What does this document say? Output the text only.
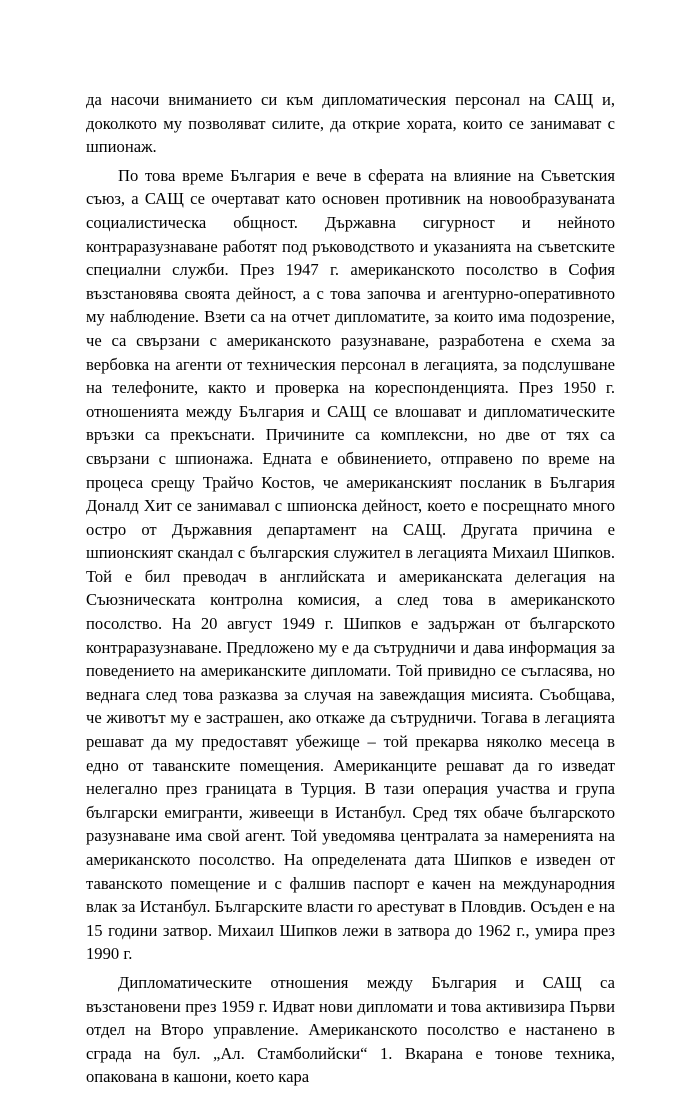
да насочи вниманието си към дипломатическия персонал на САЩ и, доколкото му позволяват силите, да открие хората, които се занимават с шпионаж.

По това време България е вече в сферата на влияние на Съветския съюз, а САЩ се очертават като основен противник на новообразуваната социалистическа общност. Държавна сигурност и нейното контраразузнаване работят под ръководството и указанията на съветските специални служби. През 1947 г. американското посолство в София възстановява своята дейност, а с това започва и агентурно-оперативното му наблюдение. Взети са на отчет дипломатите, за които има подозрение, че са свързани с американското разузнаване, разработена е схема за вербовка на агенти от техническия персонал в легацията, за подслушване на телефоните, както и проверка на кореспонденцията. През 1950 г. отношенията между България и САЩ се влошават и дипломатическите връзки са прекъснати. Причините са комплексни, но две от тях са свързани с шпионажа. Едната е обвинението, отправено по време на процеса срещу Трайчо Костов, че американският посланик в България Доналд Хит се занимавал с шпионска дейност, което е посрещнато много остро от Държавния департамент на САЩ. Другата причина е шпионският скандал с българския служител в легацията Михаил Шипков. Той е бил преводач в английската и американската делегация на Съюзническата контролна комисия, а след това в американското посолство. На 20 август 1949 г. Шипков е задържан от българското контраразузнаване. Предложено му е да сътрудничи и дава информация за поведението на американските дипломати. Той привидно се съгласява, но веднага след това разказва за случая на завеждащия мисията. Съобщава, че животът му е застрашен, ако откаже да сътрудничи. Тогава в легацията решават да му предоставят убежище – той прекарва няколко месеца в едно от таванските помещения. Американците решават да го изведат нелегално през границата в Турция. В тази операция участва и група български емигранти, живеещи в Истанбул. Сред тях обаче българското разузнаване има свой агент. Той уведомява централата за намеренията на американското посолство. На определената дата Шипков е изведен от таванското помещение и с фалшив паспорт е качен на международния влак за Истанбул. Българските власти го арестуват в Пловдив. Осъден е на 15 години затвор. Михаил Шипков лежи в затвора до 1962 г., умира през 1990 г.

Дипломатическите отношения между България и САЩ са възстановени през 1959 г. Идват нови дипломати и това активизира Първи отдел на Второ управление. Американското посолство е настанено в сграда на бул. „Ал. Стамболийски“ 1. Вкарана е тонове техника, опакована в кашони, което кара
